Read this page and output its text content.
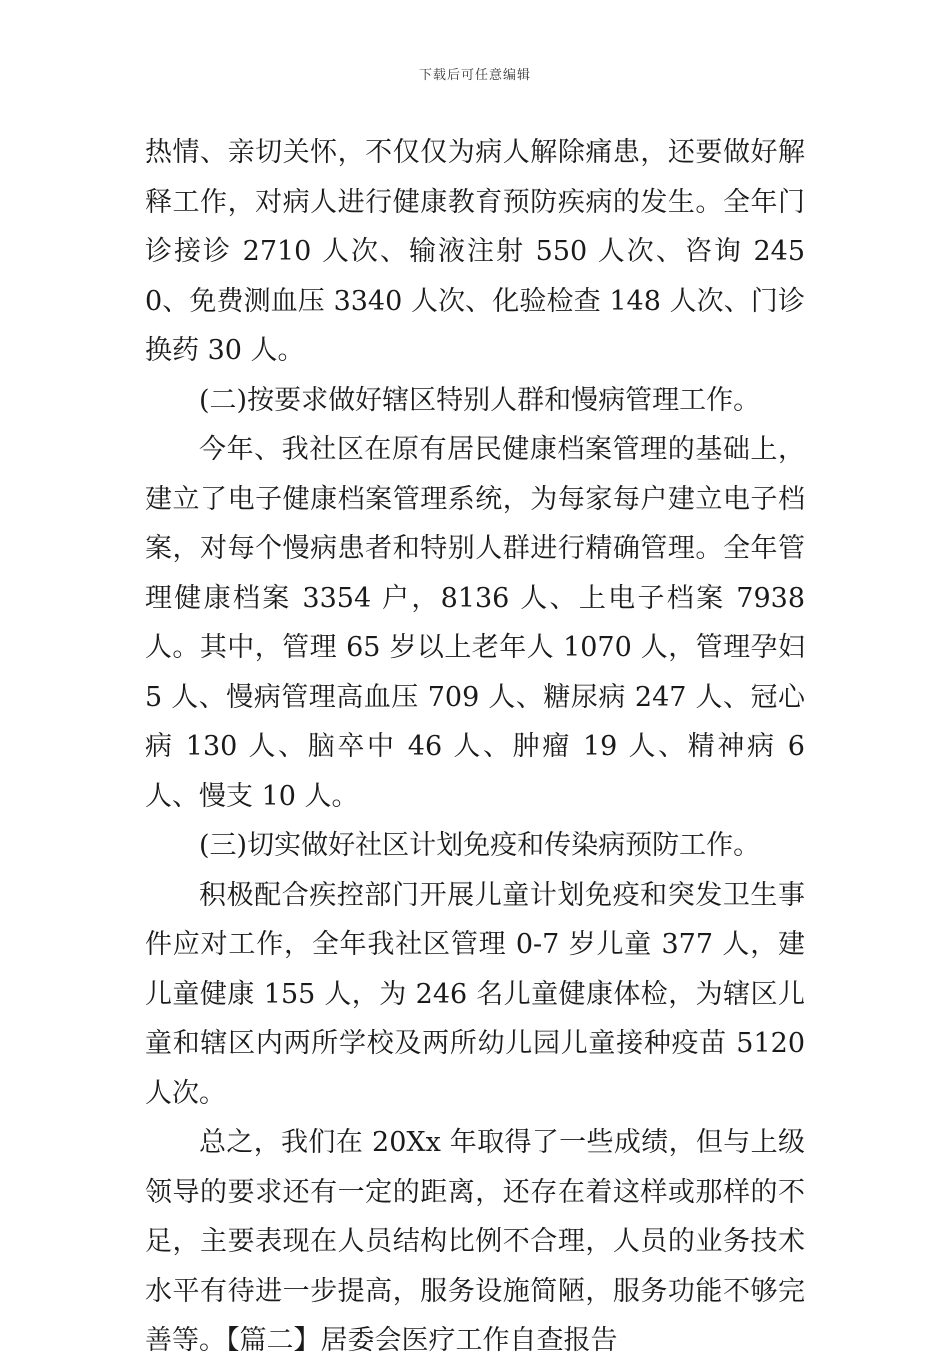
下载后可任意编辑

热情、亲切关怀，不仅仅为病人解除痛患，还要做好解释工作，对病人进行健康教育预防疾病的发生。全年门诊接诊 2710 人次、输液注射 550 人次、咨询 2450、免费测血压 3340 人次、化验检查 148 人次、门诊换药 30 人。

(二)按要求做好辖区特别人群和慢病管理工作。

今年、我社区在原有居民健康档案管理的基础上，建立了电子健康档案管理系统，为每家每户建立电子档案，对每个慢病患者和特别人群进行精确管理。全年管理健康档案 3354 户，8136 人、上电子档案 7938 人。其中，管理 65 岁以上老年人 1070 人，管理孕妇 5 人、慢病管理高血压 709 人、糖尿病 247 人、冠心病 130 人、脑卒中 46 人、肿瘤 19 人、精神病 6 人、慢支 10 人。

(三)切实做好社区计划免疫和传染病预防工作。

积极配合疾控部门开展儿童计划免疫和突发卫生事件应对工作，全年我社区管理 0-7 岁儿童 377 人，建儿童健康 155 人，为 246 名儿童健康体检，为辖区儿童和辖区内两所学校及两所幼儿园儿童接种疫苗 5120 人次。

总之，我们在 20Xx 年取得了一些成绩，但与上级领导的要求还有一定的距离，还存在着这样或那样的不足，主要表现在人员结构比例不合理，人员的业务技术水平有待进一步提高，服务设施简陋，服务功能不够完善等。【篇二】居委会医疗工作自查报告
